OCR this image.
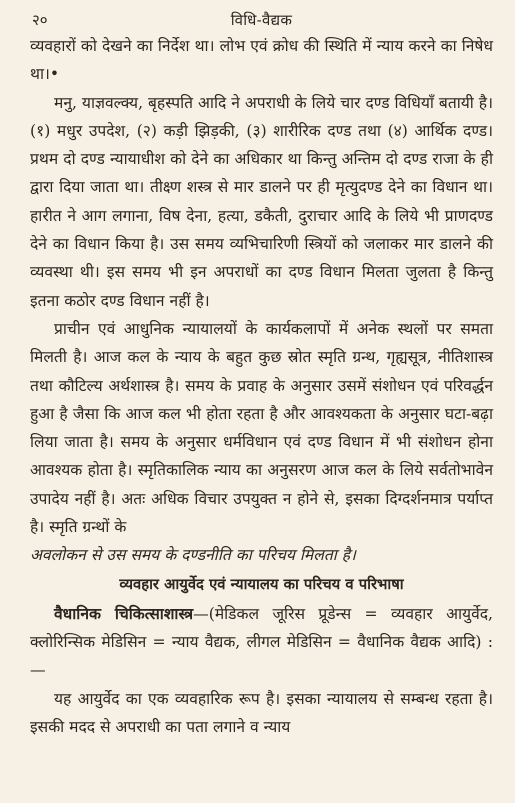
२०	विधि-वैद्यक

व्यवहारों को देखने का निर्देश था। लोभ एवं क्रोध की स्थिति में न्याय करने का निषेध था।•

मनु, याज्ञवल्क्य, बृहस्पति आदि ने अपराधी के लिये चार दण्ड विधियाँ बतायी है। (१) मधुर उपदेश, (२) कड़ी झिड़की, (३) शारीरिक दण्ड तथा (४) आर्थिक दण्ड। प्रथम दो दण्ड न्यायाधीश को देने का अधिकार था किन्तु अन्तिम दो दण्ड राजा के ही द्वारा दिया जाता था। तीक्ष्ण शस्त्र से मार डालने पर ही मृत्युदण्ड देने का विधान था। हारीत ने आग लगाना, विष देना, हत्या, डकैती, दुराचार आदि के लिये भी प्राणदण्ड देने का विधान किया है। उस समय व्यभिचारिणी स्त्रियों को जलाकर मार डालने की व्यवस्था थी। इस समय भी इन अपराधों का दण्ड विधान मिलता जुलता है किन्तु इतना कठोर दण्ड विधान नहीं है।

प्राचीन एवं आधुनिक न्यायालयों के कार्यकलापों में अनेक स्थलों पर समता मिलती है। आज कल के न्याय के बहुत कुछ स्रोत स्मृति ग्रन्थ, गृह्यसूत्र, नीतिशास्त्र तथा कौटिल्य अर्थशास्त्र है। समय के प्रवाह के अनुसार उसमें संशोधन एवं परिवर्द्धन हुआ है जैसा कि आज कल भी होता रहता है और आवश्यकता के अनुसार घटा-बढ़ा लिया जाता है। समय के अनुसार धर्मविधान एवं दण्ड विधान में भी संशोधन होना आवश्यक होता है। स्मृतिकालिक न्याय का अनुसरण आज कल के लिये सर्वतोभावेन उपादेय नहीं है। अतः अधिक विचार उपयुक्त न होने से, इसका दिग्दर्शनमात्र पर्याप्त है। स्मृति ग्रन्थों के

अवलोकन से उस समय के दण्डनीति का परिचय मिलता है।

व्यवहार आयुर्वेद एवं न्यायालय का परिचय व परिभाषा

वैधानिक चिकित्साशास्त्र—(मेडिकल जूरिस प्रूडेन्स = व्यवहार आयुर्वेद, क्लोरिन्सिक मेडिसिन = न्याय वैद्यक, लीगल मेडिसिन = वैधानिक वैद्यक आदि) :—

यह आयुर्वेद का एक व्यवहारिक रूप है। इसका न्यायालय से सम्बन्ध रहता है। इसकी मदद से अपराधी का पता लगाने व न्याय
